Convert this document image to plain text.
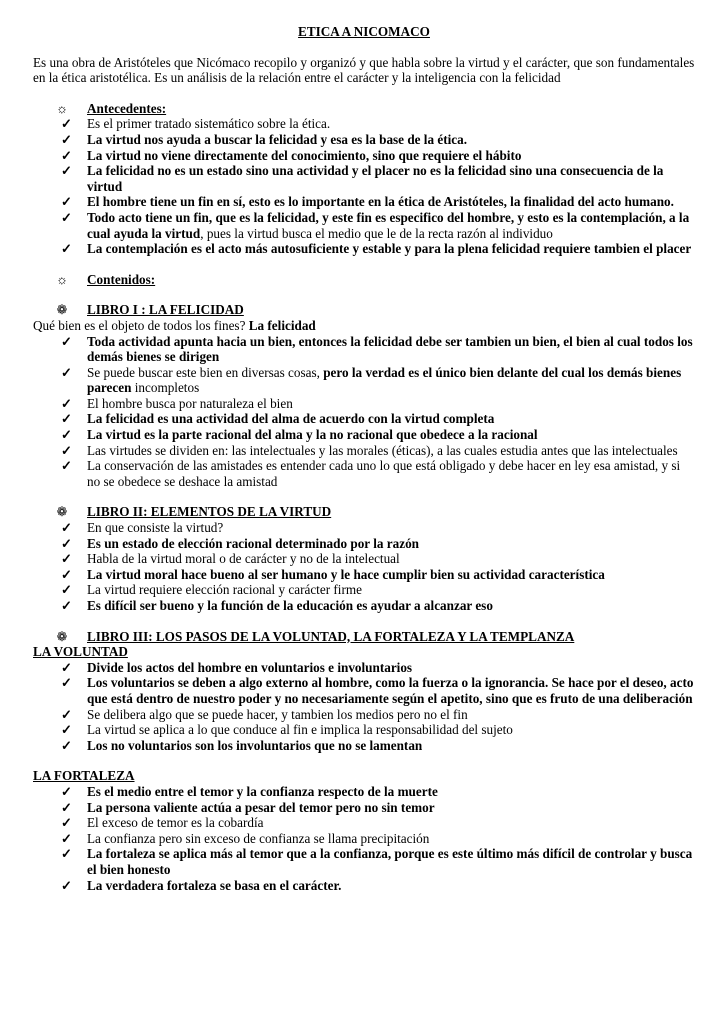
ETICA A NICOMACO
Es una obra de Aristóteles que Nicómaco recopilo y organizó y que habla sobre la virtud y el carácter, que son fundamentales en la ética aristotélica. Es un análisis de la relación entre el carácter y la inteligencia con la felicidad
☼ Antecedentes:
✓ Es el primer tratado sistemático sobre la ética.
✓ La virtud nos ayuda a buscar la felicidad y esa es la base de la ética.
✓ La virtud no viene directamente del conocimiento, sino que requiere el hábito
✓ La felicidad no es un estado sino una actividad y el placer no es la felicidad sino una consecuencia de la virtud
✓ El hombre tiene un fin en sí, esto es lo importante en la ética de Aristóteles, la finalidad del acto humano.
✓ Todo acto tiene un fin, que es la felicidad, y este fin es especifico del hombre, y esto es la contemplación, a la cual ayuda la virtud, pues la virtud busca el medio que le de la recta razón al individuo
✓ La contemplación es el acto más autosuficiente y estable y para la plena felicidad requiere tambien el placer
☼ Contenidos:
❁ LIBRO I : LA FELICIDAD
Qué bien es el objeto de todos los fines? La felicidad
✓ Toda actividad apunta hacia un bien, entonces la felicidad debe ser tambien un bien, el bien al cual todos los demás bienes se dirigen
✓ Se puede buscar este bien en diversas cosas, pero la verdad es el único bien delante del cual los demás bienes parecen incompletos
✓ El hombre busca por naturaleza el bien
✓ La felicidad es una actividad del alma de acuerdo con la virtud completa
✓ La virtud es la parte racional del alma y la no racional que obedece a la racional
✓ Las virtudes se dividen en: las intelectuales y las morales (éticas), a las cuales estudia antes que las intelectuales
✓ La conservación de las amistades es entender cada uno lo que está obligado y debe hacer en ley esa amistad, y si no se obedece se deshace la amistad
❁ LIBRO II: ELEMENTOS DE LA VIRTUD
✓ En que consiste la virtud?
✓ Es un estado de elección racional determinado por la razón
✓ Habla de la virtud moral o de carácter y no de la intelectual
✓ La virtud moral hace bueno al ser humano y le hace cumplir bien su actividad característica
✓ La virtud requiere elección racional y carácter firme
✓ Es difícil ser bueno y la función de la educación es ayudar a alcanzar eso
❁ LIBRO III: LOS PASOS DE LA VOLUNTAD, LA FORTALEZA Y LA TEMPLANZA
LA VOLUNTAD
✓ Divide los actos del hombre en voluntarios e involuntarios
✓ Los voluntarios se deben a algo externo al hombre, como la fuerza o la ignorancia. Se hace por el deseo, acto que está dentro de nuestro poder y no necesariamente según el apetito, sino que es fruto de una deliberación
✓ Se delibera algo que se puede hacer, y tambien los medios pero no el fin
✓ La virtud se aplica a lo que conduce al fin e implica la responsabilidad del sujeto
✓ Los no voluntarios son los involuntarios que no se lamentan
LA FORTALEZA
✓ Es el medio entre el temor y la confianza respecto de la muerte
✓ La persona valiente actúa a pesar del temor pero no sin temor
✓ El exceso de temor es la cobardía
✓ La confianza pero sin exceso de confianza se llama precipitación
✓ La fortaleza se aplica más al temor que a la confianza, porque es este último más difícil de controlar y busca el bien honesto
✓ La verdadera fortaleza se basa en el carácter.
